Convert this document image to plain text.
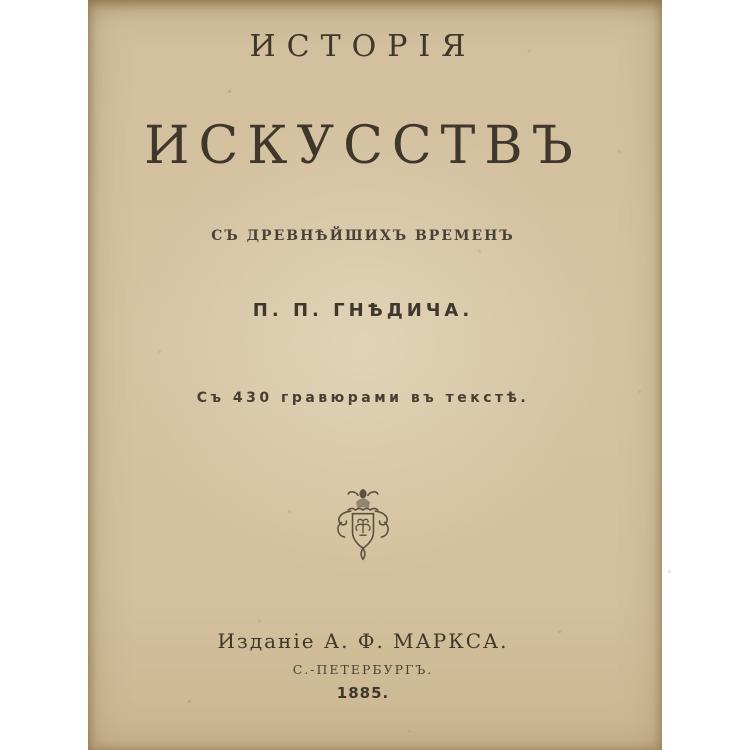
ИСТОРІЯ
ИСКУССТВЪ
СЪ ДРЕВНѢЙШИХЪ ВРЕМЕНЪ
П. П. ГНѢДИЧА.
Съ 430 гравюрами въ текстѣ.
Изданіе А. Ф. МАРКСА.
С.-ПЕТЕРБУРГЪ.
1885.
